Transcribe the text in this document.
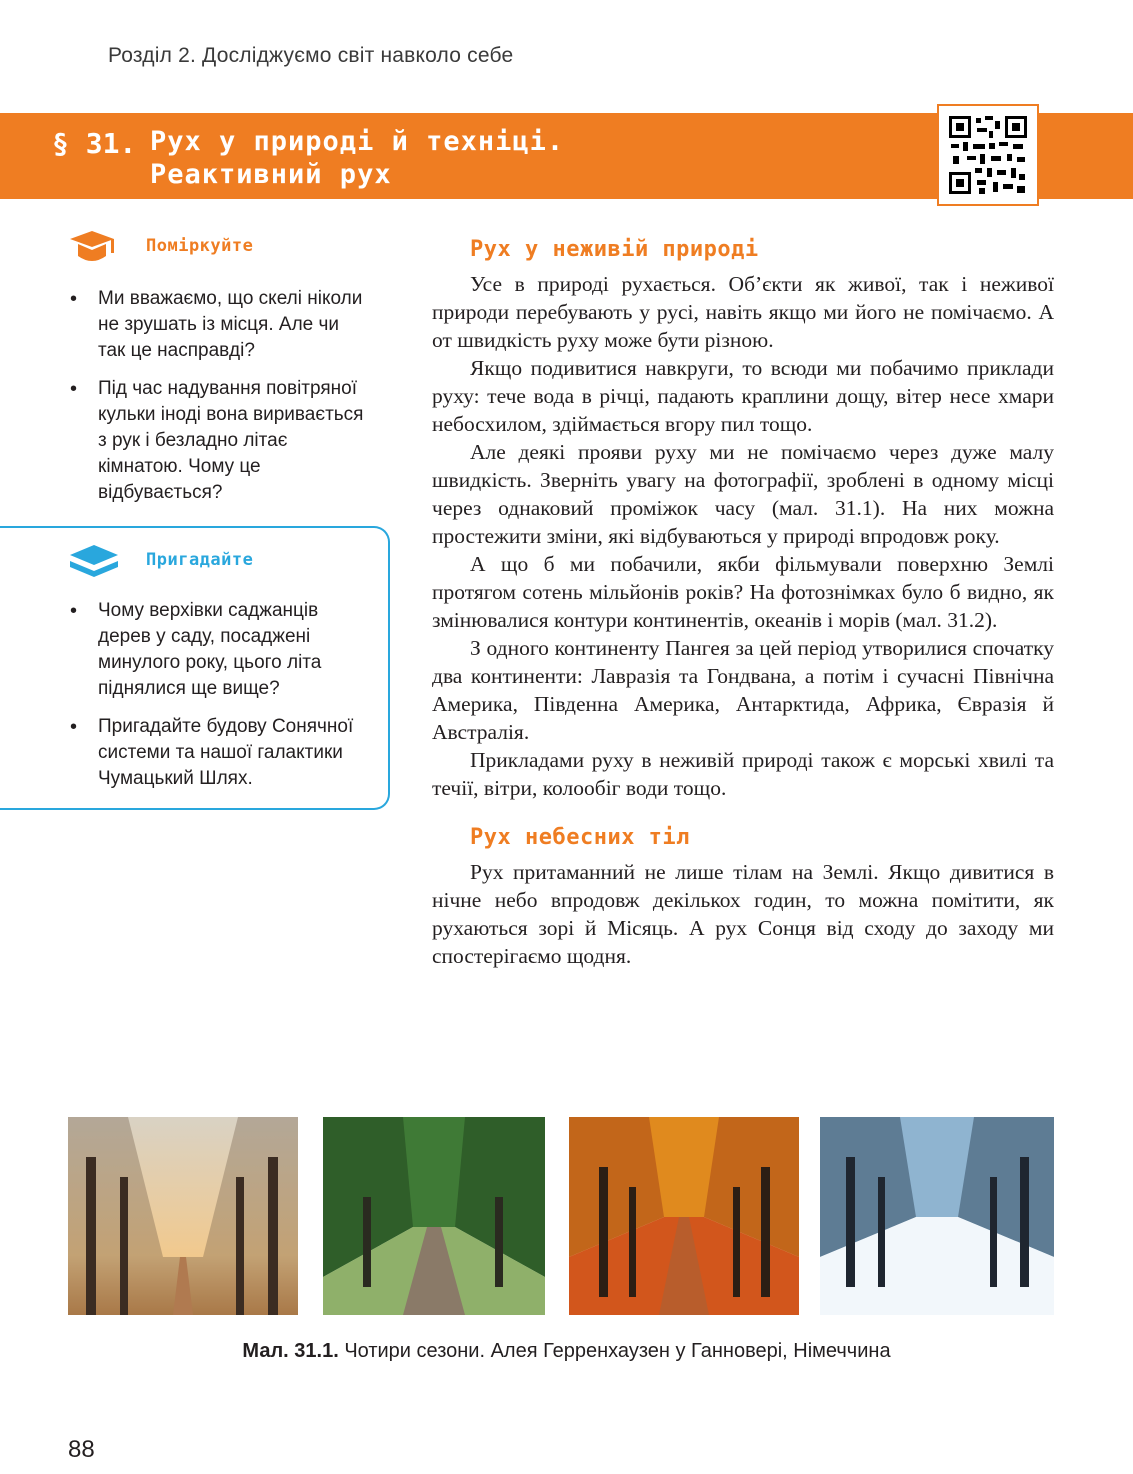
Розділ 2. Досліджуємо світ навколо себе
§ 31. Рух у природі й техніці.
Реактивний рух
Поміркуйте
• Ми вважаємо, що скелі ніколи не зрушать із місця. Але чи так це насправді?
• Під час надування повітряної кульки іноді вона виривається з рук і безладно літає кімнатою. Чому це відбувається?
Пригадайте
• Чому верхівки саджанців дерев у саду, посаджені минулого року, цього літа піднялися ще вище?
• Пригадайте будову Сонячної системи та нашої галактики Чумацький Шлях.
Рух у неживій природі

Усе в природі рухається. Об’єкти як живої, так і неживої природи перебувають у русі, навіть якщо ми його не помічаємо. А от швидкість руху може бути різною.

Якщо подивитися навкруги, то всюди ми побачимо приклади руху: тече вода в річці, падають краплини дощу, вітер несе хмари небосхилом, здіймається вгору пил тощо.

Але деякі прояви руху ми не помічаємо через дуже малу швидкість. Зверніть увагу на фотографії, зроблені в одному місці через однаковий проміжок часу (мал. 31.1). На них можна простежити зміни, які відбуваються у природі впродовж року.

А що б ми побачили, якби фільмували поверхню Землі протягом сотень мільйонів років? На фотознімках було б видно, як змінювалися контури континентів, океанів і морів (мал. 31.2).

З одного континенту Пангея за цей період утворилися спочатку два континенти: Лавразія та Гондвана, а потім і сучасні Північна Америка, Південна Америка, Антарктида, Африка, Євразія й Австралія.

Прикладами руху в неживій природі також є морські хвилі та течії, вітри, колообіг води тощо.

Рух небесних тіл

Рух притаманний не лише тілам на Землі. Якщо дивитися в нічне небо впродовж декількох годин, то можна помітити, як рухаються зорі й Місяць. А рух Сонця від сходу до заходу ми спостерігаємо щодня.

Мал. 31.1. Чотири сезони. Алея Герренхаузен у Ганновері, Німеччина
88
